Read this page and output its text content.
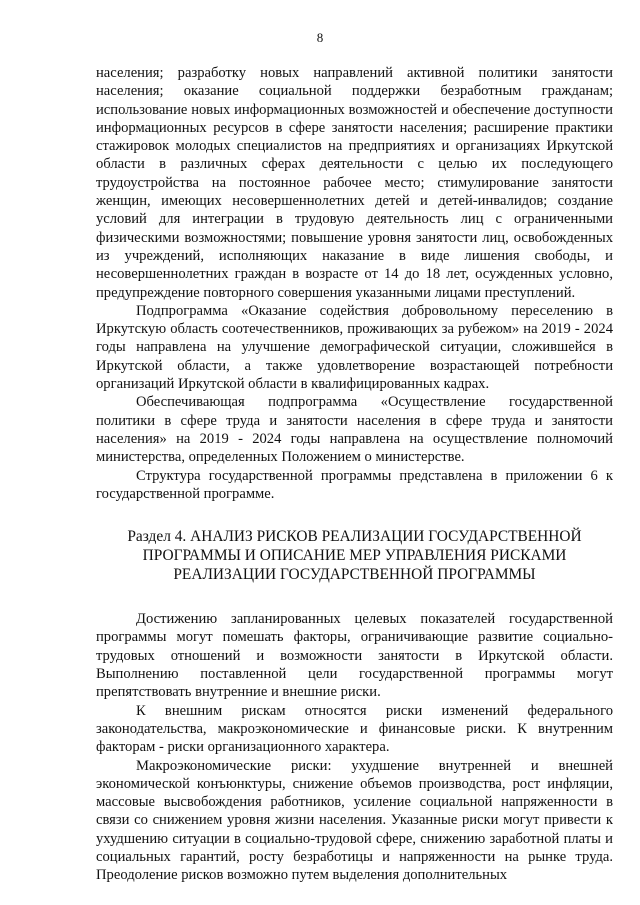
8

населения; разработку новых направлений активной политики занятости населения; оказание социальной поддержки безработным гражданам; использование новых информационных возможностей и обеспечение доступности информационных ресурсов в сфере занятости населения; расширение практики стажировок молодых специалистов на предприятиях и организациях Иркутской области в различных сферах деятельности с целью их последующего трудоустройства на постоянное рабочее место; стимулирование занятости женщин, имеющих несовершеннолетних детей и детей-инвалидов; создание условий для интеграции в трудовую деятельность лиц с ограниченными физическими возможностями; повышение уровня занятости лиц, освобожденных из учреждений, исполняющих наказание в виде лишения свободы, и несовершеннолетних граждан в возрасте от 14 до 18 лет, осужденных условно, предупреждение повторного совершения указанными лицами преступлений.

Подпрограмма «Оказание содействия добровольному переселению в Иркутскую область соотечественников, проживающих за рубежом» на 2019 - 2024 годы направлена на улучшение демографической ситуации, сложившейся в Иркутской области, а также удовлетворение возрастающей потребности организаций Иркутской области в квалифицированных кадрах.

Обеспечивающая подпрограмма «Осуществление государственной политики в сфере труда и занятости населения в сфере труда и занятости населения» на 2019 - 2024 годы направлена на осуществление полномочий министерства, определенных Положением о министерстве.

Структура государственной программы представлена в приложении 6 к государственной программе.

Раздел 4. АНАЛИЗ РИСКОВ РЕАЛИЗАЦИИ ГОСУДАРСТВЕННОЙ ПРОГРАММЫ И ОПИСАНИЕ МЕР УПРАВЛЕНИЯ РИСКАМИ РЕАЛИЗАЦИИ ГОСУДАРСТВЕННОЙ ПРОГРАММЫ

Достижению запланированных целевых показателей государственной программы могут помешать факторы, ограничивающие развитие социально-трудовых отношений и возможности занятости в Иркутской области. Выполнению поставленной цели государственной программы могут препятствовать внутренние и внешние риски.

К внешним рискам относятся риски изменений федерального законодательства, макроэкономические и финансовые риски. К внутренним факторам - риски организационного характера.

Макроэкономические риски: ухудшение внутренней и внешней экономической конъюнктуры, снижение объемов производства, рост инфляции, массовые высвобождения работников, усиление социальной напряженности в связи со снижением уровня жизни населения. Указанные риски могут привести к ухудшению ситуации в социально-трудовой сфере, снижению заработной платы и социальных гарантий, росту безработицы и напряженности на рынке труда. Преодоление рисков возможно путем выделения дополнительных
